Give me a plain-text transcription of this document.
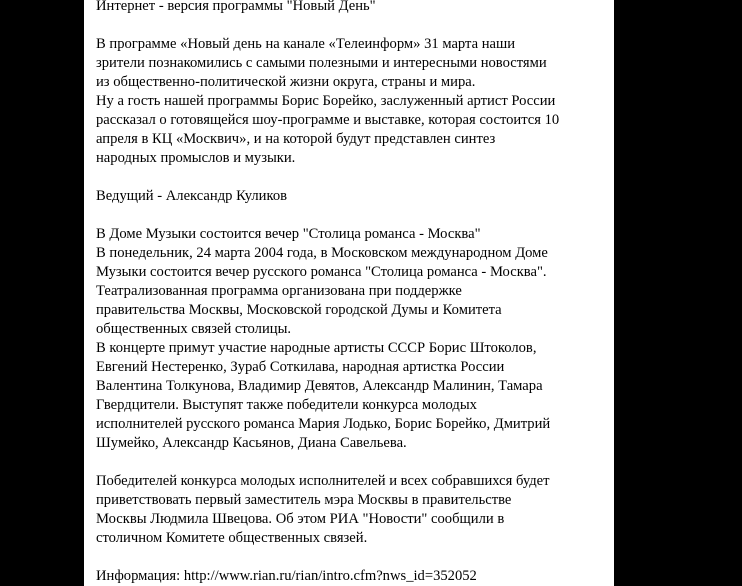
Интернет - версия программы "Новый День"
В программе «Новый день на канале «Телеинформ» 31 марта наши
зрители познакомились с самыми полезными и интересными новостями
из общественно-политической жизни округа, страны и мира.
Ну а гость нашей программы Борис Борейко, заслуженный артист России
рассказал о готовящейся шоу-программе и выставке, которая состоится 10
апреля в КЦ «Москвич», и на которой будут представлен синтез
народных промыслов и музыки.
Ведущий - Александр Куликов
В Доме Музыки состоится вечер "Столица романса - Москва"
В понедельник, 24 марта 2004 года, в Московском международном Доме
Музыки состоится вечер русского романса "Столица романса - Москва".
Театрализованная программа организована при поддержке
правительства Москвы, Московской городской Думы и Комитета
общественных связей столицы.
В концерте примут участие народные артисты СССР Борис Штоколов,
Евгений Нестеренко, Зураб Соткилава, народная артистка России
Валентина Толкунова, Владимир Девятов, Александр Малинин, Тамара
Гвердцители. Выступят также победители конкурса молодых
исполнителей русского романса Мария Лодько, Борис Борейко, Дмитрий
Шумейко, Александр Касьянов, Диана Савельева.
Победителей конкурса молодых исполнителей и всех собравшихся будет
приветствовать первый заместитель мэра Москвы в правительстве
Москвы Людмила Швецова. Об этом РИА "Новости" сообщили в
столичном Комитете общественных связей.
Информация: http://www.rian.ru/rian/intro.cfm?nws_id=352052
